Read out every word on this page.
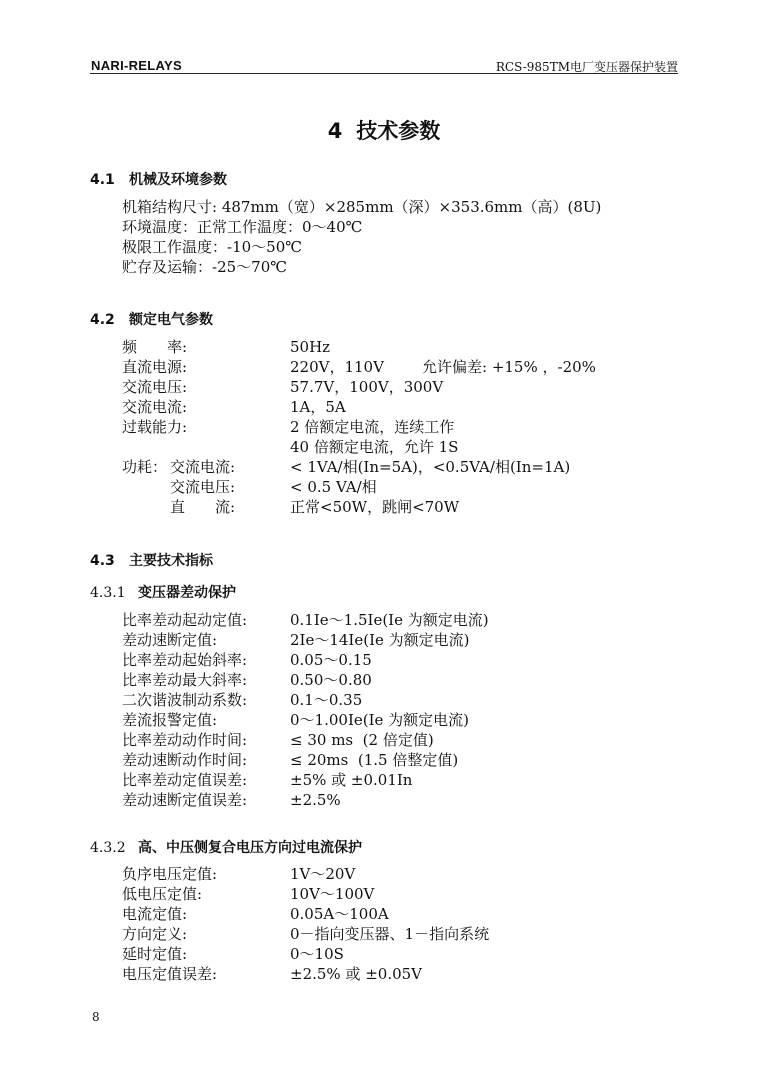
NARI-RELAYS	RCS-985TM电厂变压器保护装置
4 技术参数
4.1 机械及环境参数
机箱结构尺寸: 487mm（宽）×285mm（深）×353.6mm（高）(8U)
环境温度：正常工作温度：0～40℃
极限工作温度：-10～50℃
贮存及运输：-25～70℃
4.2 额定电气参数
频　　率:	50Hz
直流电源:	220V，110V	允许偏差: +15% ，-20%
交流电压:	57.7V，100V，300V
交流电流:	1A，5A
过载能力:	2 倍额定电流，连续工作
40 倍额定电流，允许 1S
功耗： 交流电流:	< 1VA/相(In=5A)，<0.5VA/相(In=1A)
交流电压:	< 0.5 VA/相
直　　流:	正常<50W，跳闸<70W
4.3 主要技术指标
4.3.1 变压器差动保护
比率差动起动定值:	0.1Ie～1.5Ie(Ie 为额定电流)
差动速断定值:	2Ie～14Ie(Ie 为额定电流)
比率差动起始斜率:	0.05～0.15
比率差动最大斜率:	0.50～0.80
二次谐波制动系数:	0.1～0.35
差流报警定值:	0～1.00Ie(Ie 为额定电流)
比率差动动作时间:	≤ 30 ms  (2 倍定值)
差动速断动作时间:	≤ 20ms  (1.5 倍整定值)
比率差动定值误差:	±5% 或 ±0.01In
差动速断定值误差:	±2.5%
4.3.2 高、中压侧复合电压方向过电流保护
负序电压定值:	1V～20V
低电压定值:	10V～100V
电流定值:	0.05A～100A
方向定义:	0－指向变压器、1－指向系统
延时定值:	0～10S
电压定值误差:	±2.5% 或 ±0.05V
8
